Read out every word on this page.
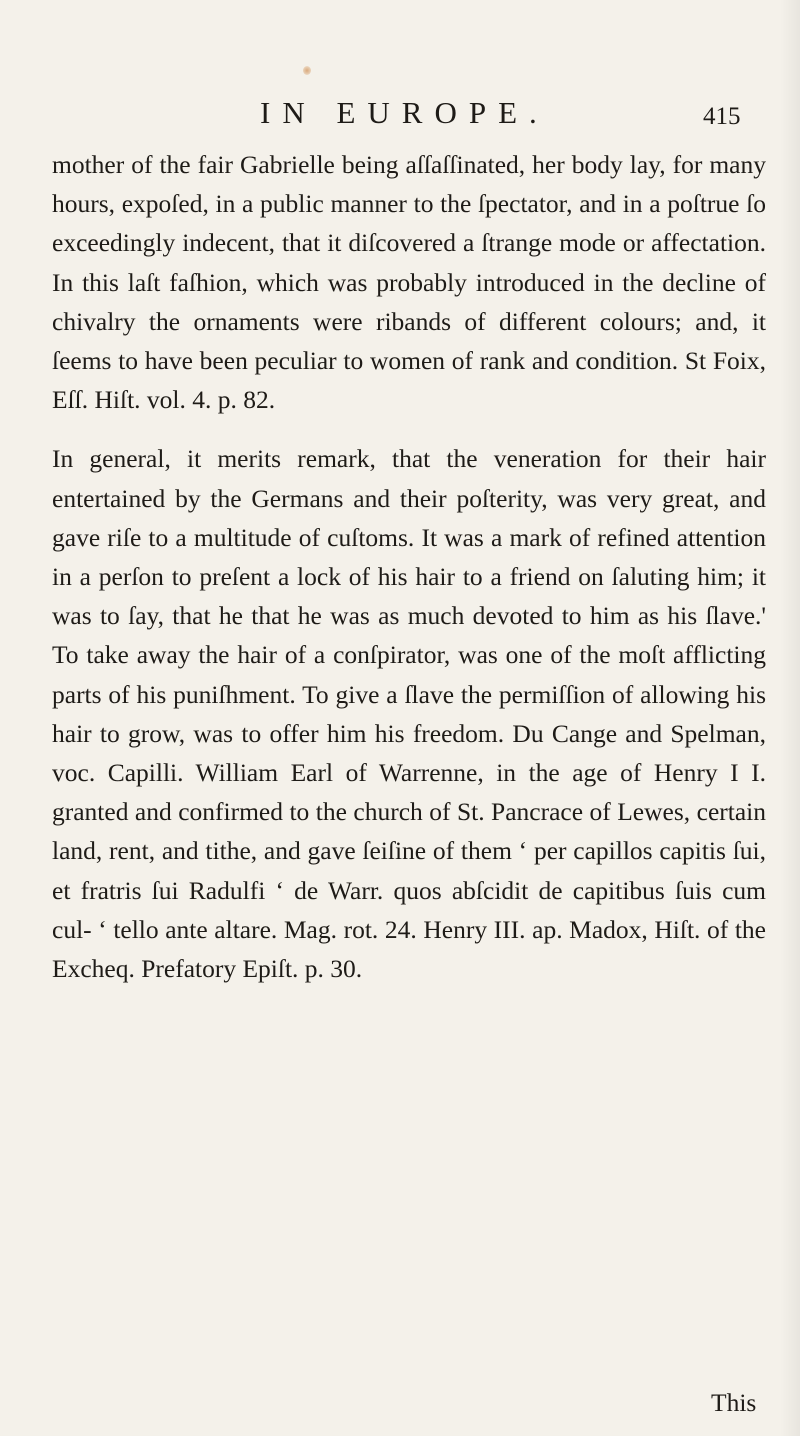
IN EUROPE.	415

mother of the fair Gabrielle being aſſaſſinated, her body lay, for many hours, expoſed, in a public manner to the ſpectator, and in a poſtrue ſo exceedingly indecent, that it diſcovered a ſtrange mode or affectation. In this laſt faſhion, which was probably introduced in the decline of chivalry the ornaments were ribands of different colours; and, it ſeems to have been peculiar to women of rank and condition. St Foix, Eſſ. Hiſt. vol. 4. p. 82.

In general, it merits remark, that the veneration for their hair entertained by the Germans and their poſterity, was very great, and gave riſe to a multitude of cuſtoms. It was a mark of refined attention in a perſon to preſent a lock of his hair to a friend on ſaluting him; it was to ſay, that he that he was as much devoted to him as his ſlave.' To take away the hair of a conſpirator, was one of the moſt afflicting parts of his puniſhment. To give a ſlave the permiſſion of allowing his hair to grow, was to offer him his freedom. Du Cange and Spelman, voc. Capilli. William Earl of Warrenne, in the age of Henry I I. granted and confirmed to the church of St. Pancrace of Lewes, certain land, rent, and tithe, and gave ſeiſine of them ‘ per capillos capitis ſui, et fratris ſui Radulfi ‘ de Warr. quos abſcidit de capitibus ſuis cum cul- ‘ tello ante altare. Mag. rot. 24. Henry III. ap. Madox, Hiſt. of the Excheq. Prefatory Epiſt. p. 30.

This
